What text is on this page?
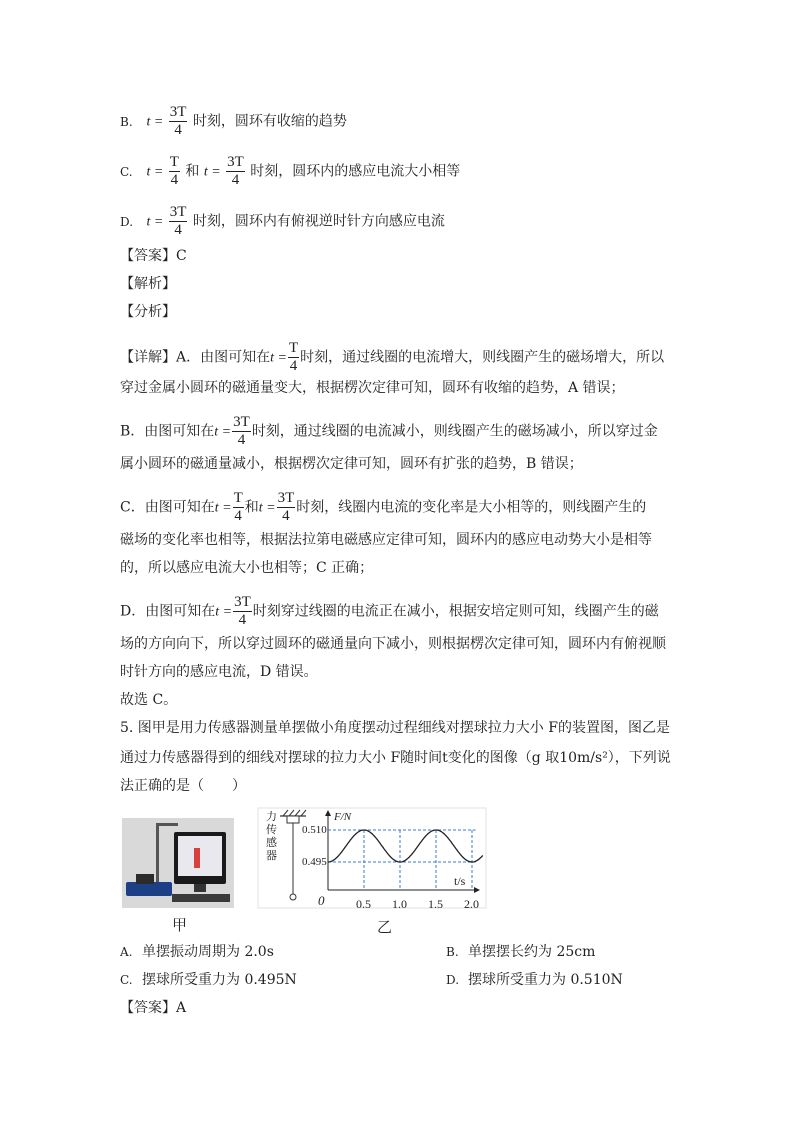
B. $t = \frac{3T}{4}$ 时刻，圆环有收缩的趋势
C. $t = \frac{T}{4}$ 和 $t = \frac{3T}{4}$ 时刻，圆环内的感应电流大小相等
D. $t = \frac{3T}{4}$ 时刻，圆环内有俯视逆时针方向感应电流
【答案】C
【解析】
【分析】
【详解】A．由图可知在$t = \frac{T}{4}$ 时刻，通过线圈的电流增大，则线圈产生的磁场增大，所以
穿过金属小圆环的磁通量变大，根据楞次定律可知，圆环有收缩的趋势，A 错误；
B．由图可知在$t = \frac{3T}{4}$ 时刻，通过线圈的电流减小，则线圈产生的磁场减小，所以穿过金
属小圆环的磁通量减小，根据楞次定律可知，圆环有扩张的趋势，B 错误；
C．由图可知在$t = \frac{T}{4}$ 和$t = \frac{3T}{4}$ 时刻，线圈内电流的变化率是大小相等的，则线圈产生的
磁场的变化率也相等，根据法拉第电磁感应定律可知，圆环内的感应电动势大小是相等
的，所以感应电流大小也相等；C 正确；
D．由图可知在$t = \frac{3T}{4}$ 时刻穿过线圈的电流正在减小，根据安培定则可知，线圈产生的磁
场的方向向下，所以穿过圆环的磁通量向下减小，则根据楞次定律可知，圆环内有俯视顺
时针方向的感应电流，D 错误。
故选 C。
5. 图甲是用力传感器测量单摆做小角度摆动过程细线对摆球拉力大小 F的装置图，图乙是
通过力传感器得到的细线对摆球的拉力大小 F随时间t变化的图像（g 取10m/s²），下列说
法正确的是（　　）
甲
力
传
感
器
F/N
t/s
0
0.510
0.495
0.5 1.0 1.5 2.0
乙
A. 单摆振动周期为 2.0s	B. 单摆摆长约为 25cm
C. 摆球所受重力为 0.495N	D. 摆球所受重力为 0.510N
【答案】A
